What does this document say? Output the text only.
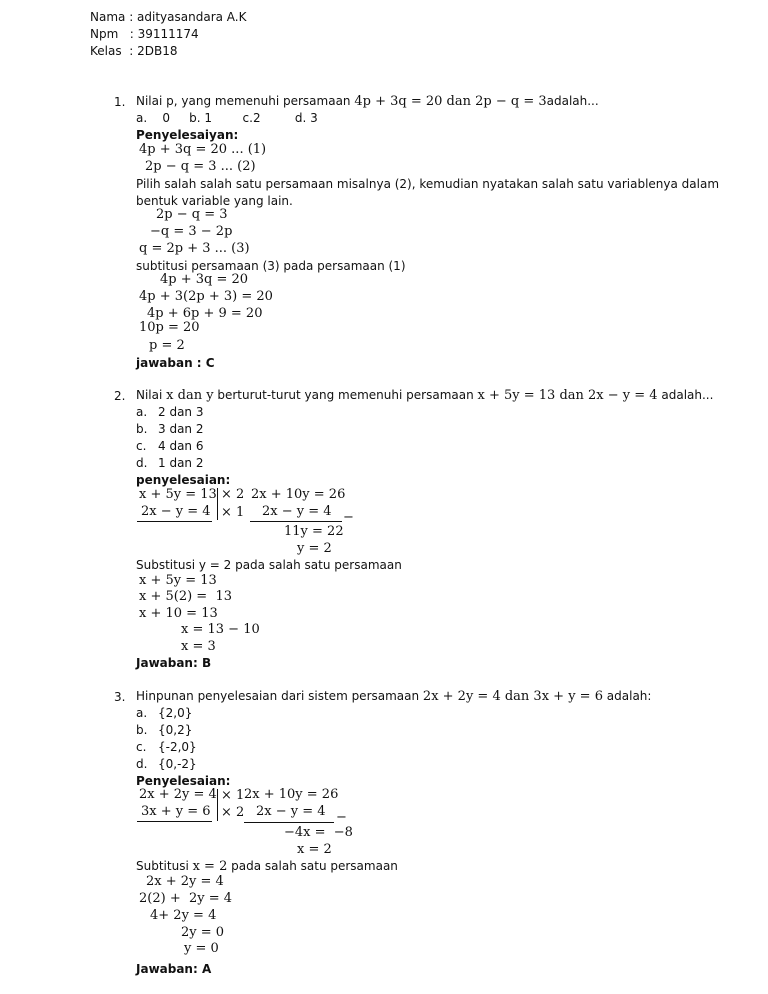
Nama : adityasandara A.K
Npm   : 39111174
Kelas  : 2DB18
1. Nilai p, yang memenuhi persamaan 4p + 3q = 20 dan 2p − q = 3adalah...
a.    0     b. 1        c.2         d. 3
Penyelesaiyan:
4p + 3q = 20 ... (1)
2p − q = 3 ... (2)
Pilih salah salah satu persamaan misalnya (2), kemudian nyatakan salah satu variablenya dalam
bentuk variable yang lain.
2p − q = 3
−q = 3 − 2p
q = 2p + 3 ... (3)
subtitusi persamaan (3) pada persamaan (1)
4p + 3q = 20
4p + 3(2p + 3) = 20
4p + 6p + 9 = 20
10p = 20
p = 2
jawaban : C
2. Nilai x dan y berturut-turut yang memenuhi persamaan x + 5y = 13 dan 2x − y = 4 adalah...
a. 2 dan 3
b. 3 dan 2
c. 4 dan 6
d. 1 dan 2
penyelesaian:
x + 5y = 13
2x − y = 4
× 2
× 1
2x + 10y = 26
2x − y = 4 −
11y = 22
y = 2
Substitusi y = 2 pada salah satu persamaan
x + 5y = 13
x + 5(2) =  13
x + 10 = 13
x = 13 − 10
x = 3
Jawaban: B
3. Hinpunan penyelesaian dari sistem persamaan 2x + 2y = 4 dan 3x + y = 6 adalah:
a. {2,0}
b. {0,2}
c. {-2,0}
d. {0,-2}
Penyelesaian:
2x + 2y = 4
3x + y = 6
× 1
× 2
2x + 10y = 26
2x − y = 4 −
−4x =  −8
x = 2
Subtitusi x = 2 pada salah satu persamaan
2x + 2y = 4
2(2) +  2y = 4
4+ 2y = 4
2y = 0
y = 0
Jawaban: A
